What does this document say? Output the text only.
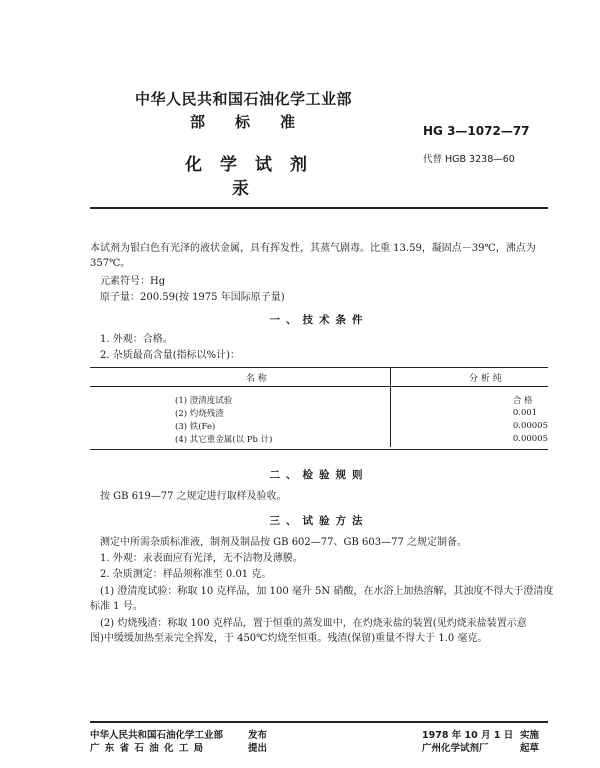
中华人民共和国石油化学工业部
部标准	HG 3—1072—77
化学试剂	代替 HGB 3238—60
汞
本试剂为银白色有光泽的液状金属，具有挥发性，其蒸气剧毒。比重 13.59，凝固点－39℃，沸点为
357℃。
元素符号：Hg
原子量：200.59(按 1975 年国际原子量)
一、技术条件
1. 外观：合格。
2. 杂质最高含量(指标以%计)：
名 称	分 析 纯
(1) 澄清度试验	合 格
(2) 灼烧残渣	0.001
(3) 铁(Fe)	0.00005
(4) 其它重金属(以 Pb 计)	0.00005
二、检验规则
按 GB 619—77 之规定进行取样及验收。
三、试验方法
测定中所需杂质标准液，制剂及制品按 GB 602—77、GB 603—77 之规定制备。
1. 外观：汞表面应有光泽，无不洁物及薄膜。
2. 杂质测定：样品须称准至 0.01 克。
(1) 澄清度试验：称取 10 克样品，加 100 毫升 5N 硝酸，在水浴上加热溶解，其浊度不得大于澄清度
标准 1 号。
(2) 灼烧残渣：称取 100 克样品，置于恒重的蒸发皿中，在灼烧汞盐的装置(见灼烧汞盐装置示意
图)中缓缓加热至汞完全挥发，于 450℃灼烧至恒重。残渣(保留)重量不得大于 1.0 毫克。
中华人民共和国石油化学工业部	发布
广 东 省 石 油 化 工 局	提出
1978 年 10 月 1 日 实施
广州化学试剂厂	起草
